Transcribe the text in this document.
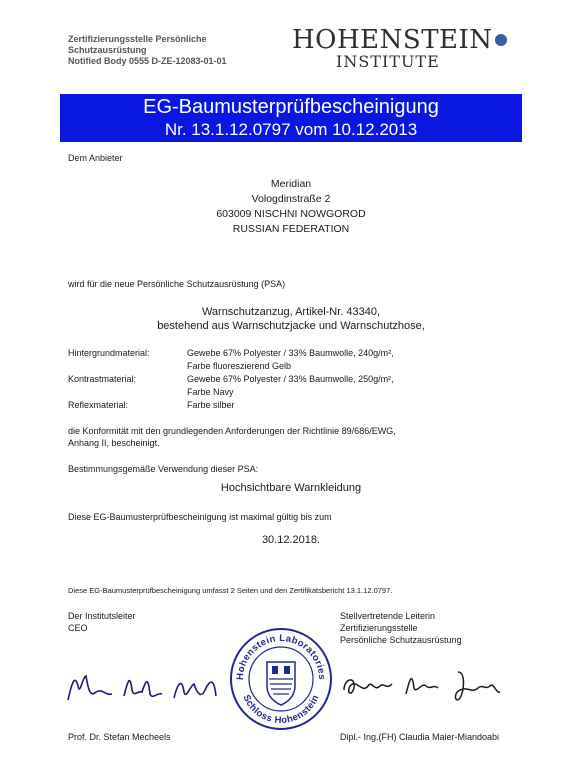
Zertifizierungsstelle Persönliche
Schutzausrüstung
Notified Body 0555 D-ZE-12083-01-01
HOHENSTEIN
INSTITUTE
EG-Baumusterprüfbescheinigung
Nr. 13.1.12.0797 vom 10.12.2013
Dem Anbieter
Meridian
Vologdinstraße 2
603009 NISCHNI NOWGOROD
RUSSIAN FEDERATION
wird für die neue Persönliche Schutzausrüstung (PSA)
Warnschutzanzug, Artikel-Nr. 43340,
bestehend aus Warnschutzjacke und Warnschutzhose,
Hintergrundmaterial:	Gewebe 67% Polyester / 33% Baumwolle, 240g/m²,
Farbe fluoreszierend Gelb
Kontrastmaterial:	Gewebe 67% Polyester / 33% Baumwolle, 250g/m²,
Farbe Navy
Reflexmaterial:	Farbe silber
die Konformität mit den grundlegenden Anforderungen der Richtlinie 89/686/EWG,
Anhang II, bescheinigt.
Bestimmungsgemäße Verwendung dieser PSA:
Hochsichtbare Warnkleidung
Diese EG-Baumusterprüfbescheinigung ist maximal gültig bis zum
30.12.2018.
Diese EG-Baumusterprüfbescheinigung umfasst 2 Seiten und den Zertifikatsbericht 13.1.12.0797.
Der Institutsleiter
CEO
Prof. Dr. Stefan Mecheels
Hohenstein Laboratories
Schloss Hohenstein
Stellvertretende Leiterin
Zertifizierungsstelle
Persönliche Schutzausrüstung
Dipl.- Ing.(FH) Claudia Maier-Miandoabi
